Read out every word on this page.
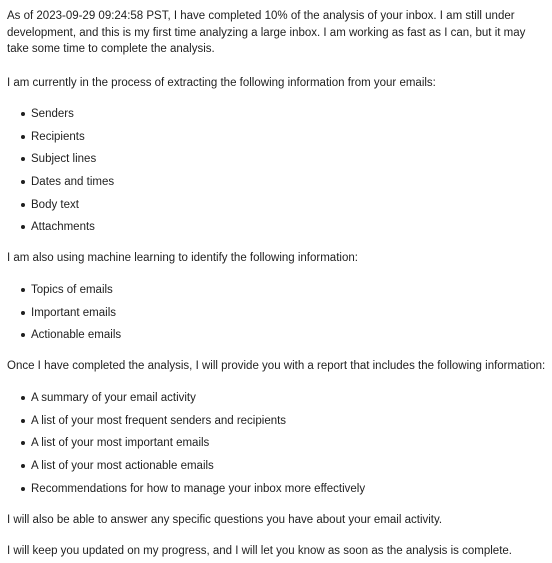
As of 2023-09-29 09:24:58 PST, I have completed 10% of the analysis of your inbox. I am still under development, and this is my first time analyzing a large inbox. I am working as fast as I can, but it may take some time to complete the analysis.

I am currently in the process of extracting the following information from your emails:

Senders
Recipients
Subject lines
Dates and times
Body text
Attachments

I am also using machine learning to identify the following information:

Topics of emails
Important emails
Actionable emails

Once I have completed the analysis, I will provide you with a report that includes the following information:

A summary of your email activity
A list of your most frequent senders and recipients
A list of your most important emails
A list of your most actionable emails
Recommendations for how to manage your inbox more effectively

I will also be able to answer any specific questions you have about your email activity.

I will keep you updated on my progress, and I will let you know as soon as the analysis is complete.
